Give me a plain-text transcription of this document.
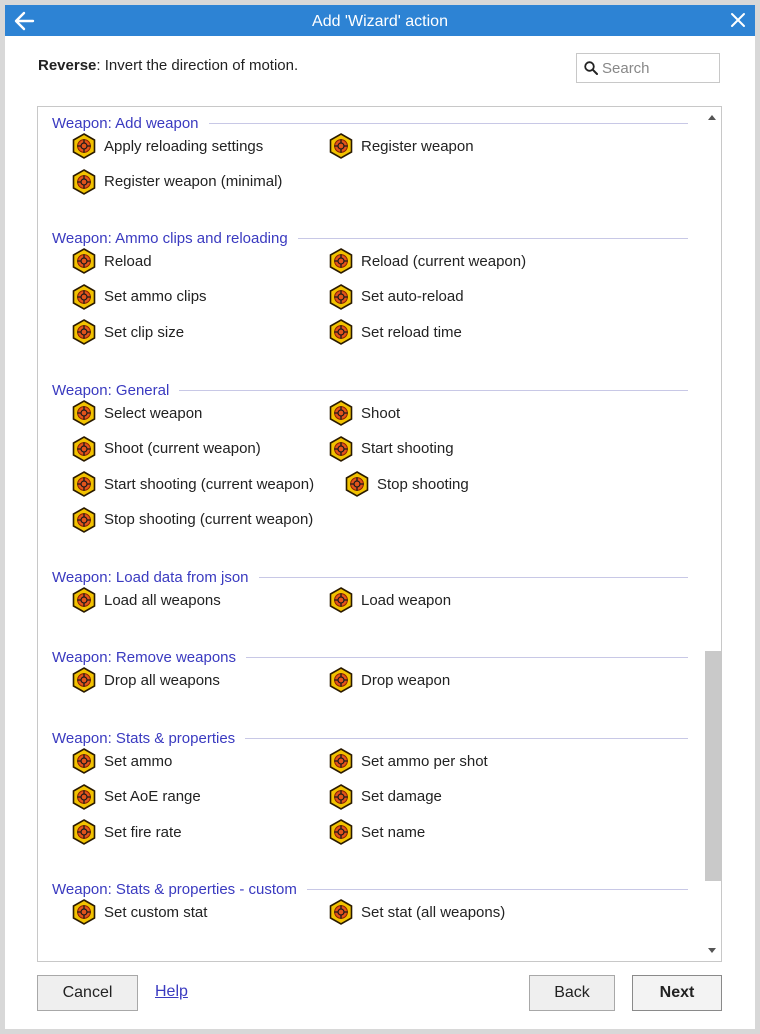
Add 'Wizard' action
Reverse: Invert the direction of motion.
Search
Weapon: Add weapon
Apply reloading settings	Register weapon
Register weapon (minimal)
Weapon: Ammo clips and reloading
Reload	Reload (current weapon)
Set ammo clips	Set auto-reload
Set clip size	Set reload time
Weapon: General
Select weapon	Shoot
Shoot (current weapon)	Start shooting
Start shooting (current weapon)	Stop shooting
Stop shooting (current weapon)
Weapon: Load data from json
Load all weapons	Load weapon
Weapon: Remove weapons
Drop all weapons	Drop weapon
Weapon: Stats & properties
Set ammo	Set ammo per shot
Set AoE range	Set damage
Set fire rate	Set name
Weapon: Stats & properties - custom
Set custom stat	Set stat (all weapons)
Cancel	Help	Back	Next
